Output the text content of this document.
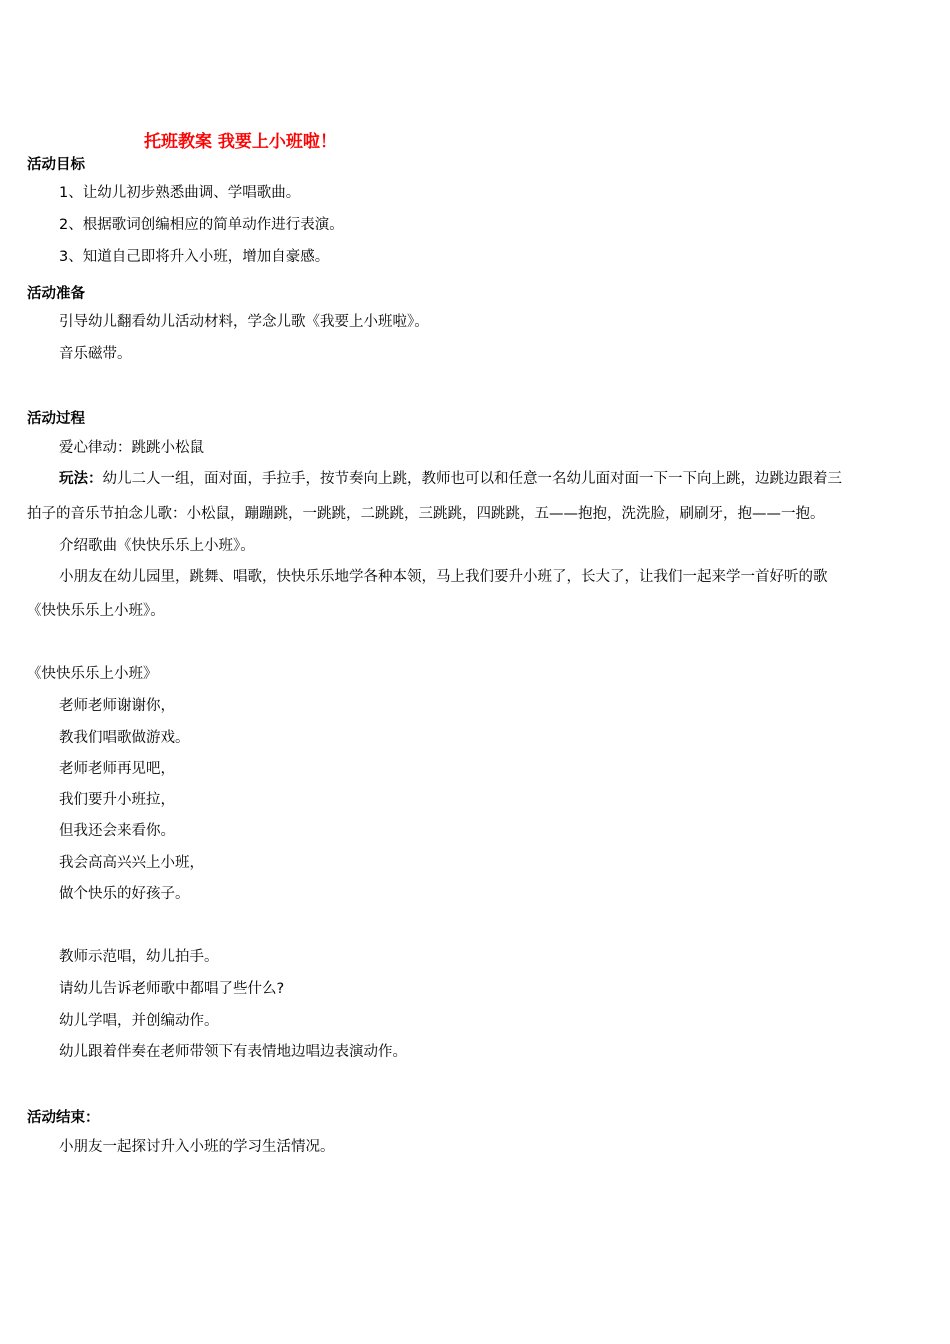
托班教案 我要上小班啦！
活动目标
1、让幼儿初步熟悉曲调、学唱歌曲。
2、根据歌词创编相应的简单动作进行表演。
3、知道自己即将升入小班，增加自豪感。
活动准备
引导幼儿翻看幼儿活动材料，学念儿歌《我要上小班啦》。
音乐磁带。
活动过程
爱心律动：跳跳小松鼠
玩法：幼儿二人一组，面对面，手拉手，按节奏向上跳，教师也可以和任意一名幼儿面对面一下一下向上跳，边跳边跟着三
拍子的音乐节拍念儿歌：小松鼠，蹦蹦跳，一跳跳，二跳跳，三跳跳，四跳跳，五——抱抱，洗洗脸，刷刷牙，抱——一抱。
介绍歌曲《快快乐乐上小班》。
小朋友在幼儿园里，跳舞、唱歌，快快乐乐地学各种本领，马上我们要升小班了，长大了，让我们一起来学一首好听的歌
《快快乐乐上小班》。
《快快乐乐上小班》
老师老师谢谢你，
教我们唱歌做游戏。
老师老师再见吧，
我们要升小班拉，
但我还会来看你。
我会高高兴兴上小班，
做个快乐的好孩子。
教师示范唱，幼儿拍手。
请幼儿告诉老师歌中都唱了些什么?
幼儿学唱，并创编动作。
幼儿跟着伴奏在老师带领下有表情地边唱边表演动作。
活动结束：
小朋友一起探讨升入小班的学习生活情况。
